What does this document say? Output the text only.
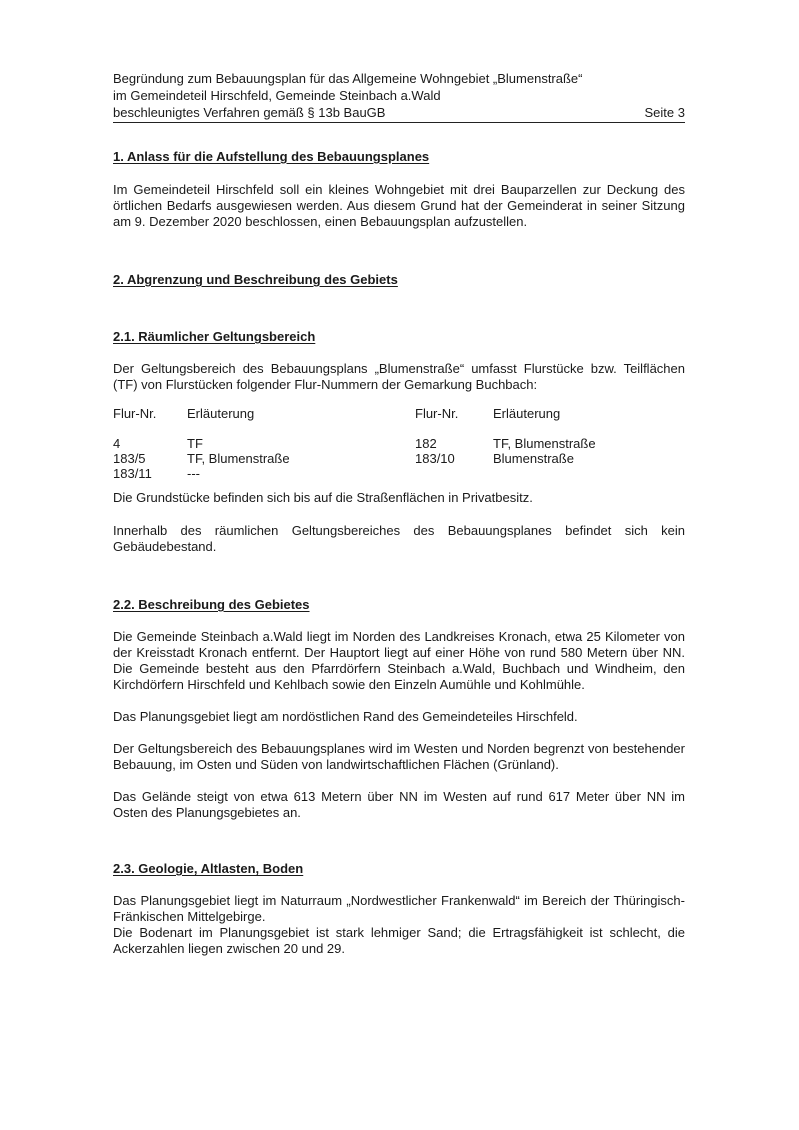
Begründung zum Bebauungsplan für das Allgemeine Wohngebiet „Blumenstraße“
im Gemeindeteil Hirschfeld, Gemeinde Steinbach a.Wald
beschleunigtes Verfahren gemäß § 13b BauGB	Seite 3
1. Anlass für die Aufstellung des Bebauungsplanes

Im Gemeindeteil Hirschfeld soll ein kleines Wohngebiet mit drei Bauparzellen zur Deckung des örtlichen Bedarfs ausgewiesen werden. Aus diesem Grund hat der Gemeinderat in seiner Sitzung am 9. Dezember 2020 beschlossen, einen Bebauungsplan aufzustellen.

2. Abgrenzung und Beschreibung des Gebiets
2.1. Räumlicher Geltungsbereich

Der Geltungsbereich des Bebauungsplans „Blumenstraße“ umfasst Flurstücke bzw. Teilflächen (TF) von Flurstücken folgender Flur-Nummern der Gemarkung Buchbach:

Flur-Nr.
4
183/5
183/11
Erläuterung
TF
TF, Blumenstraße
---
Flur-Nr.
182
183/10
Erläuterung
TF, Blumenstraße
Blumenstraße

Die Grundstücke befinden sich bis auf die Straßenflächen in Privatbesitz.

Innerhalb des räumlichen Geltungsbereiches des Bebauungsplanes befindet sich kein Gebäudebestand.

2.2. Beschreibung des Gebietes

Die Gemeinde Steinbach a.Wald liegt im Norden des Landkreises Kronach, etwa 25 Kilometer von der Kreisstadt Kronach entfernt. Der Hauptort liegt auf einer Höhe von rund 580 Metern über NN. Die Gemeinde besteht aus den Pfarrdörfern Steinbach a.Wald, Buchbach und Windheim, den Kirchdörfern Hirschfeld und Kehlbach sowie den Einzeln Aumühle und Kohlmühle.

Das Planungsgebiet liegt am nordöstlichen Rand des Gemeindeteiles Hirschfeld.

Der Geltungsbereich des Bebauungsplanes wird im Westen und Norden begrenzt von bestehender Bebauung, im Osten und Süden von landwirtschaftlichen Flächen (Grünland).

Das Gelände steigt von etwa 613 Metern über NN im Westen auf rund 617 Meter über NN im Osten des Planungsgebietes an.

2.3. Geologie, Altlasten, Boden

Das Planungsgebiet liegt im Naturraum „Nordwestlicher Frankenwald“ im Bereich der Thüringisch-Fränkischen Mittelgebirge.

Die Bodenart im Planungsgebiet ist stark lehmiger Sand; die Ertragsfähigkeit ist schlecht, die Ackerzahlen liegen zwischen 20 und 29.
